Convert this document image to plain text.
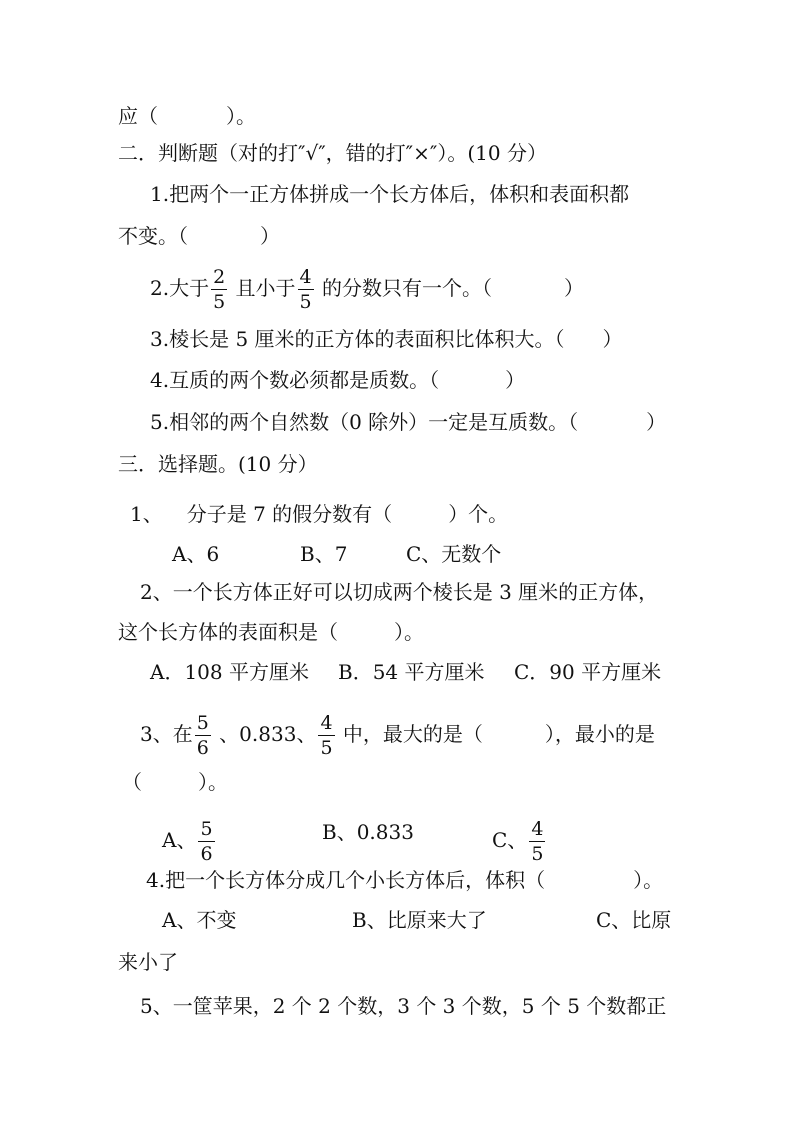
应（	）。
二．判断题（对的打″√″，错的打″×″）。(10 分）
1.把两个一正方体拼成一个长方体后，体积和表面积都
不变。（	）
2.大于 $\frac{2}{5}$ 且小于 $\frac{4}{5}$ 的分数只有一个。（	）
3.棱长是 5 厘米的正方体的表面积比体积大。（ ）
4.互质的两个数必须都是质数。（	）
5.相邻的两个自然数（0 除外）一定是互质数。（	）
三．选择题。(10 分）
1、 分子是 7 的假分数有（	）个。
A、6	B、7	C、无数个
2、一个长方体正好可以切成两个棱长是 3 厘米的正方体，
这个长方体的表面积是（	）。
A．108 平方厘米 B．54 平方厘米 C．90 平方厘米
3、在 $\frac{5}{6}$ 、0.833、 $\frac{4}{5}$ 中，最大的是（	），最小的是
（	）。
A、 $\frac{5}{6}$	B、0.833	C、 $\frac{4}{5}$
4.把一个长方体分成几个小长方体后，体积（	）。
A、不变	B、比原来大了	C、比原
来小了
5、一筐苹果，2 个 2 个数，3 个 3 个数，5 个 5 个数都正
